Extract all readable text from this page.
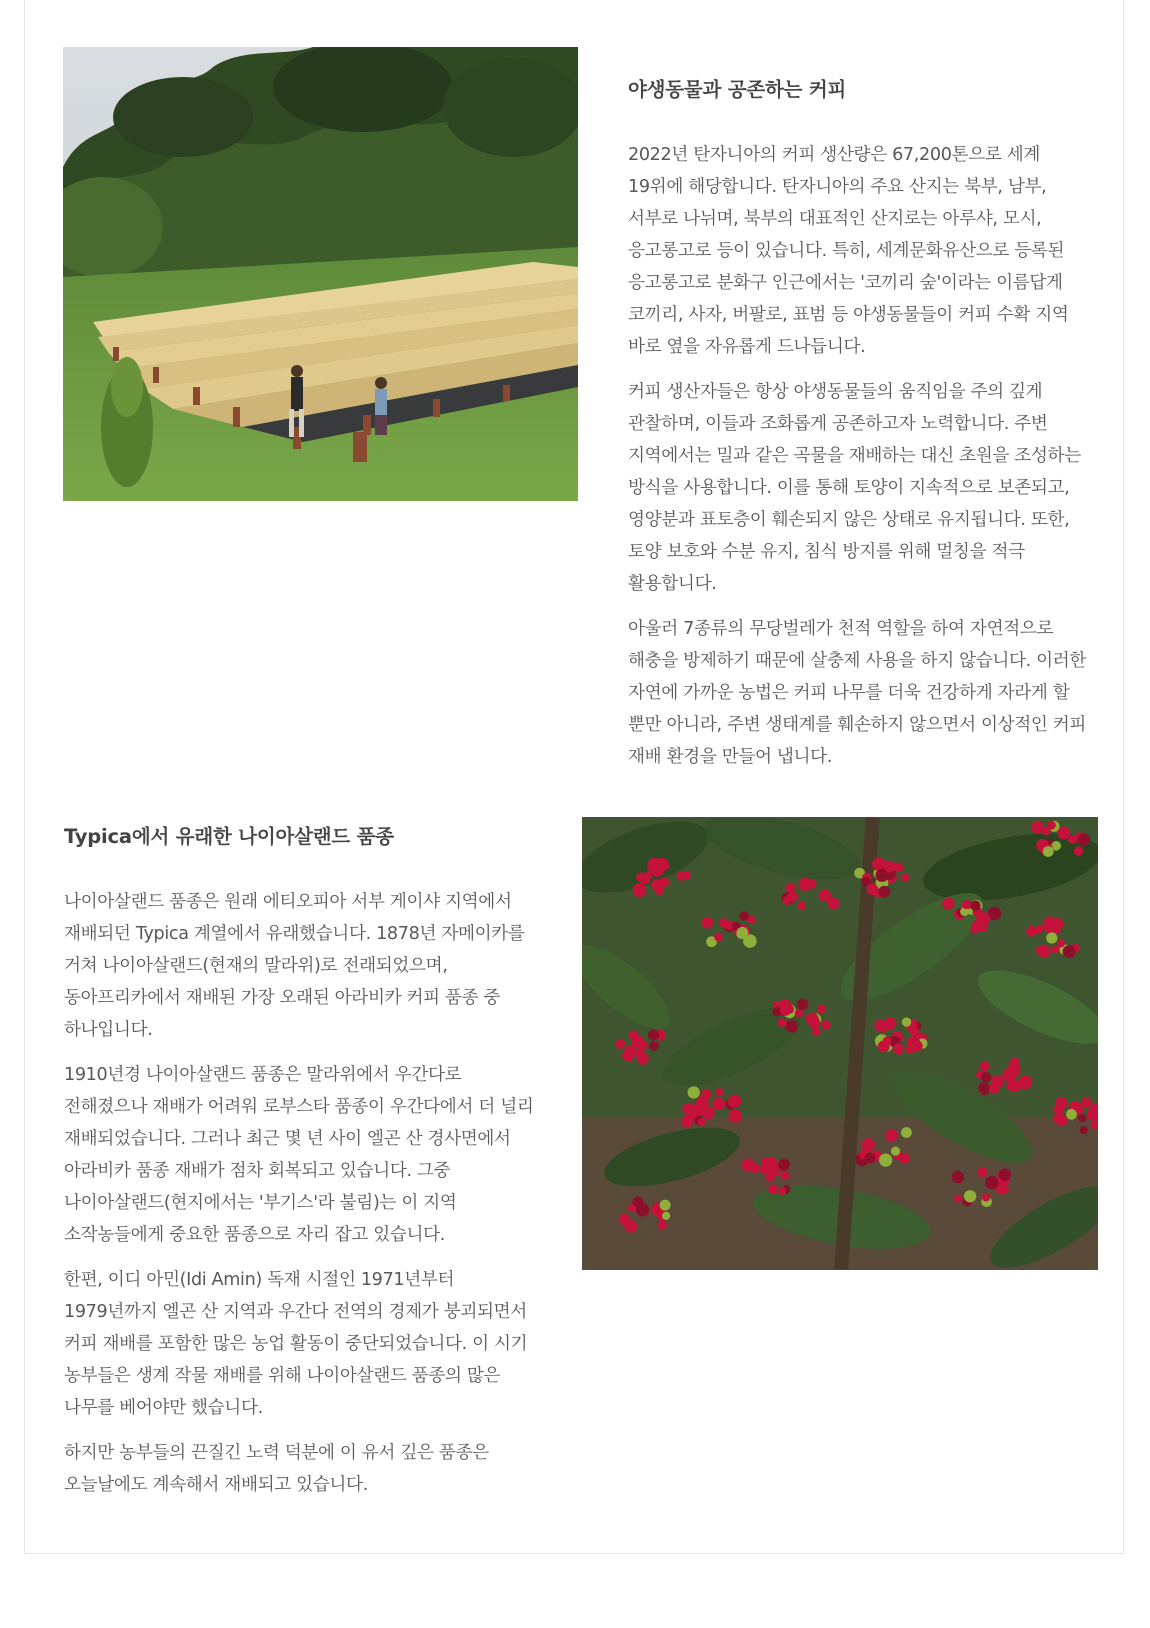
야생동물과 공존하는 커피

2022년 탄자니아의 커피 생산량은 67,200톤으로 세계 19위에 해당합니다. 탄자니아의 주요 산지는 북부, 남부, 서부로 나뉘며, 북부의 대표적인 산지로는 아루샤, 모시, 응고롱고로 등이 있습니다. 특히, 세계문화유산으로 등록된 응고롱고로 분화구 인근에서는 '코끼리 숲'이라는 이름답게 코끼리, 사자, 버팔로, 표범 등 야생동물들이 커피 수확 지역 바로 옆을 자유롭게 드나듭니다.

커피 생산자들은 항상 야생동물들의 움직임을 주의 깊게 관찰하며, 이들과 조화롭게 공존하고자 노력합니다. 주변 지역에서는 밀과 같은 곡물을 재배하는 대신 초원을 조성하는 방식을 사용합니다. 이를 통해 토양이 지속적으로 보존되고, 영양분과 표토층이 훼손되지 않은 상태로 유지됩니다. 또한, 토양 보호와 수분 유지, 침식 방지를 위해 멀칭을 적극 활용합니다.

아울러 7종류의 무당벌레가 천적 역할을 하여 자연적으로 해충을 방제하기 때문에 살충제 사용을 하지 않습니다. 이러한 자연에 가까운 농법은 커피 나무를 더욱 건강하게 자라게 할 뿐만 아니라, 주변 생태계를 훼손하지 않으면서 이상적인 커피 재배 환경을 만들어 냅니다.

Typica에서 유래한 나이아살랜드 품종

나이아살랜드 품종은 원래 에티오피아 서부 게이샤 지역에서 재배되던 Typica 계열에서 유래했습니다. 1878년 자메이카를 거쳐 나이아살랜드(현재의 말라위)로 전래되었으며, 동아프리카에서 재배된 가장 오래된 아라비카 커피 품종 중 하나입니다.

1910년경 나이아살랜드 품종은 말라위에서 우간다로 전해졌으나 재배가 어려워 로부스타 품종이 우간다에서 더 널리 재배되었습니다. 그러나 최근 몇 년 사이 엘곤 산 경사면에서 아라비카 품종 재배가 점차 회복되고 있습니다. 그중 나이아살랜드(현지에서는 '부기스'라 불림)는 이 지역 소작농들에게 중요한 품종으로 자리 잡고 있습니다.

한편, 이디 아민(Idi Amin) 독재 시절인 1971년부터 1979년까지 엘곤 산 지역과 우간다 전역의 경제가 붕괴되면서 커피 재배를 포함한 많은 농업 활동이 중단되었습니다. 이 시기 농부들은 생계 작물 재배를 위해 나이아살랜드 품종의 많은 나무를 베어야만 했습니다.

하지만 농부들의 끈질긴 노력 덕분에 이 유서 깊은 품종은 오늘날에도 계속해서 재배되고 있습니다.
